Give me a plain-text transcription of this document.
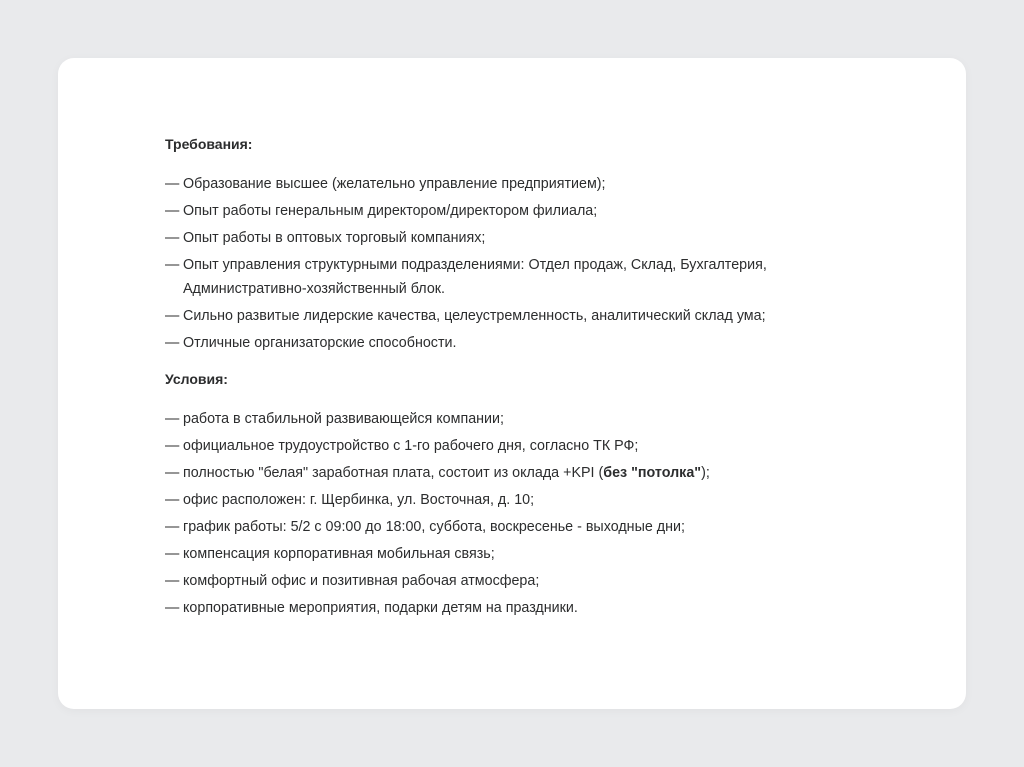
Требования:
— Образование высшее (желательно управление предприятием);
— Опыт работы генеральным директором/директором филиала;
— Опыт работы в оптовых торговый компаниях;
— Опыт управления структурными подразделениями: Отдел продаж, Склад, Бухгалтерия, Административно-хозяйственный блок.
— Сильно развитые лидерские качества, целеустремленность, аналитический склад ума;
— Отличные организаторские способности.
Условия:
— работа в стабильной развивающейся компании;
— официальное трудоустройство с 1-го рабочего дня, согласно ТК РФ;
— полностью "белая" заработная плата, состоит из оклада +KPI (без "потолка");
— офис расположен: г. Щербинка, ул. Восточная, д. 10;
— график работы: 5/2 с 09:00 до 18:00, суббота, воскресенье - выходные дни;
— компенсация корпоративная мобильная связь;
— комфортный офис и позитивная рабочая атмосфера;
— корпоративные мероприятия, подарки детям на праздники.
